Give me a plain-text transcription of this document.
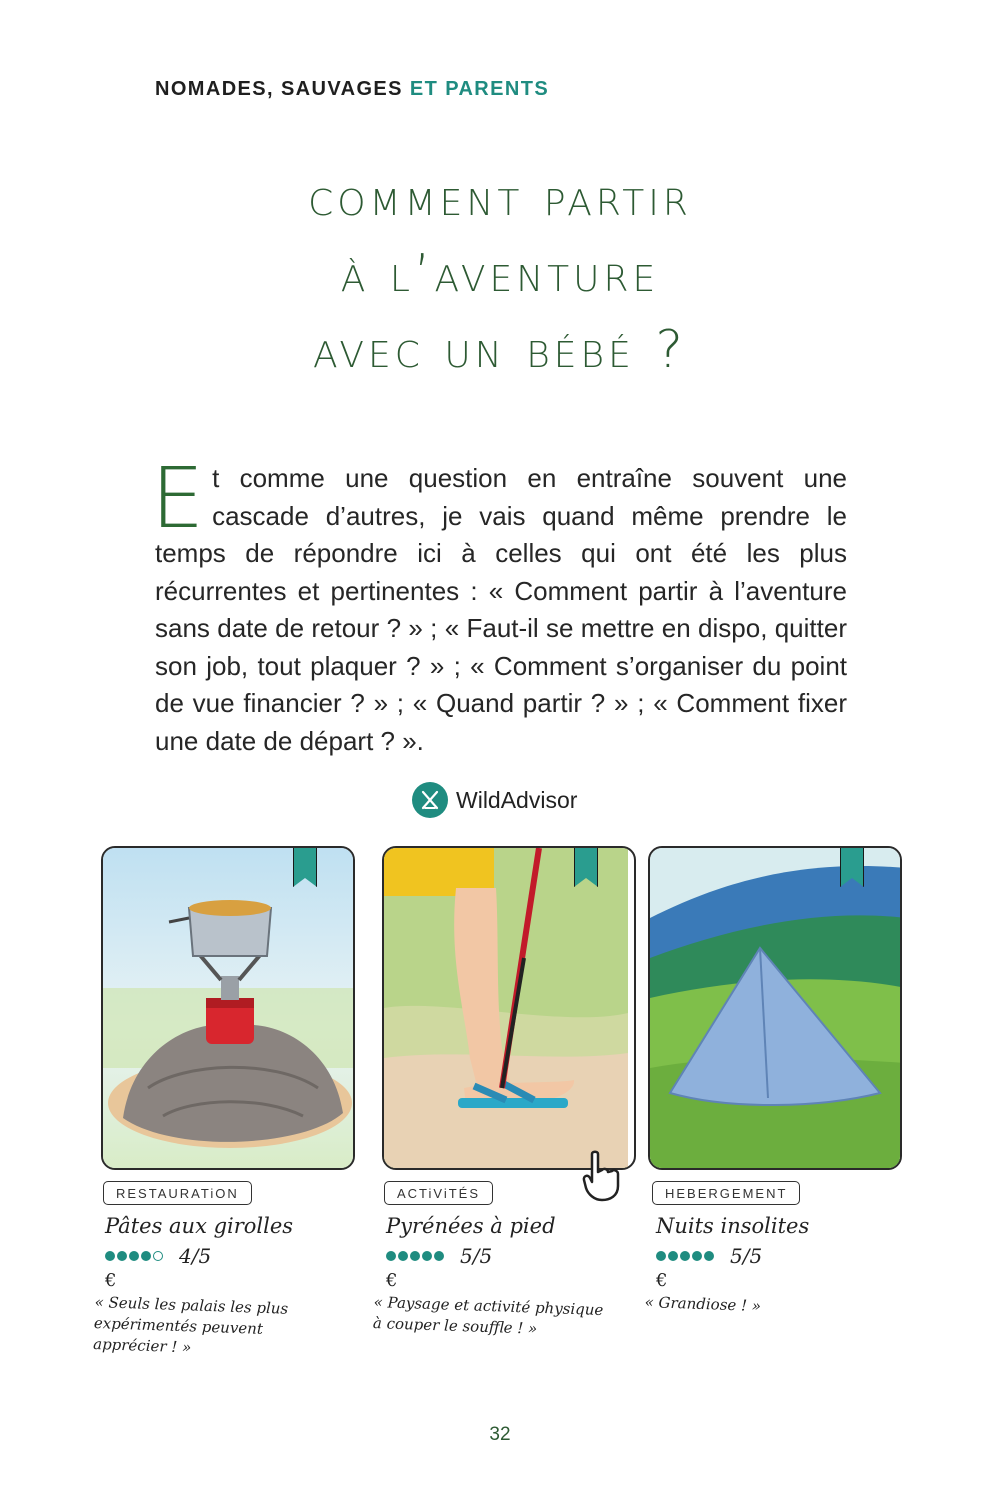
NOMADES, SAUVAGES ET PARENTS
comment partir
à l’aventure
avec un bébé ?
E t comme une question en entraîne souvent une cascade d’autres, je vais quand même prendre le temps de répondre ici à celles qui ont été les plus récurrentes et pertinentes : « Comment partir à l’aventure sans date de retour ? » ; « Faut-il se mettre en dispo, quitter son job, tout plaquer ? » ; « Comment s’organiser du point de vue financier ? » ; « Quand partir ? » ; « Comment fixer une date de départ ? ».
WildAdvisor
RESTAURATiON
Pâtes aux girolles
4/5
€
« Seuls les palais les plus
expérimentés peuvent
apprécier ! »
ACTiViTÉS
Pyrénées à pied
5/5
€
« Paysage et activité physique
à couper le souffle ! »
HEBERGEMENT
Nuits insolites
5/5
€
« Grandiose ! »
32
